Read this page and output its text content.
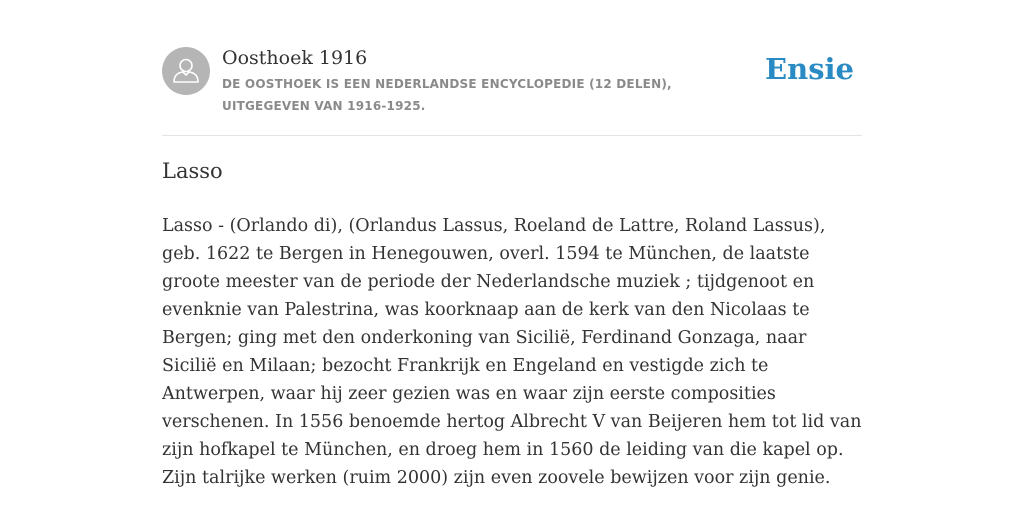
Oosthoek 1916
DE OOSTHOEK IS EEN NEDERLANDSE ENCYCLOPEDIE (12 DELEN), UITGEGEVEN VAN 1916-1925.
Ensie
Lasso
Lasso - (Orlando di), (Orlandus Lassus, Roeland de Lattre, Roland Lassus), geb. 1622 te Bergen in Henegouwen, overl. 1594 te München, de laatste groote meester van de periode der Nederlandsche muziek ; tijdgenoot en evenknie van Palestrina, was koorknaap aan de kerk van den Nicolaas te Bergen; ging met den onderkoning van Sicilië, Ferdinand Gonzaga, naar Sicilië en Milaan; bezocht Frankrijk en Engeland en vestigde zich te Antwerpen, waar hij zeer gezien was en waar zijn eerste composities verschenen. In 1556 benoemde hertog Albrecht V van Beijeren hem tot lid van zijn hofkapel te München, en droeg hem in 1560 de leiding van die kapel op. Zijn talrijke werken (ruim 2000) zijn even zoovele bewijzen voor zijn genie.
